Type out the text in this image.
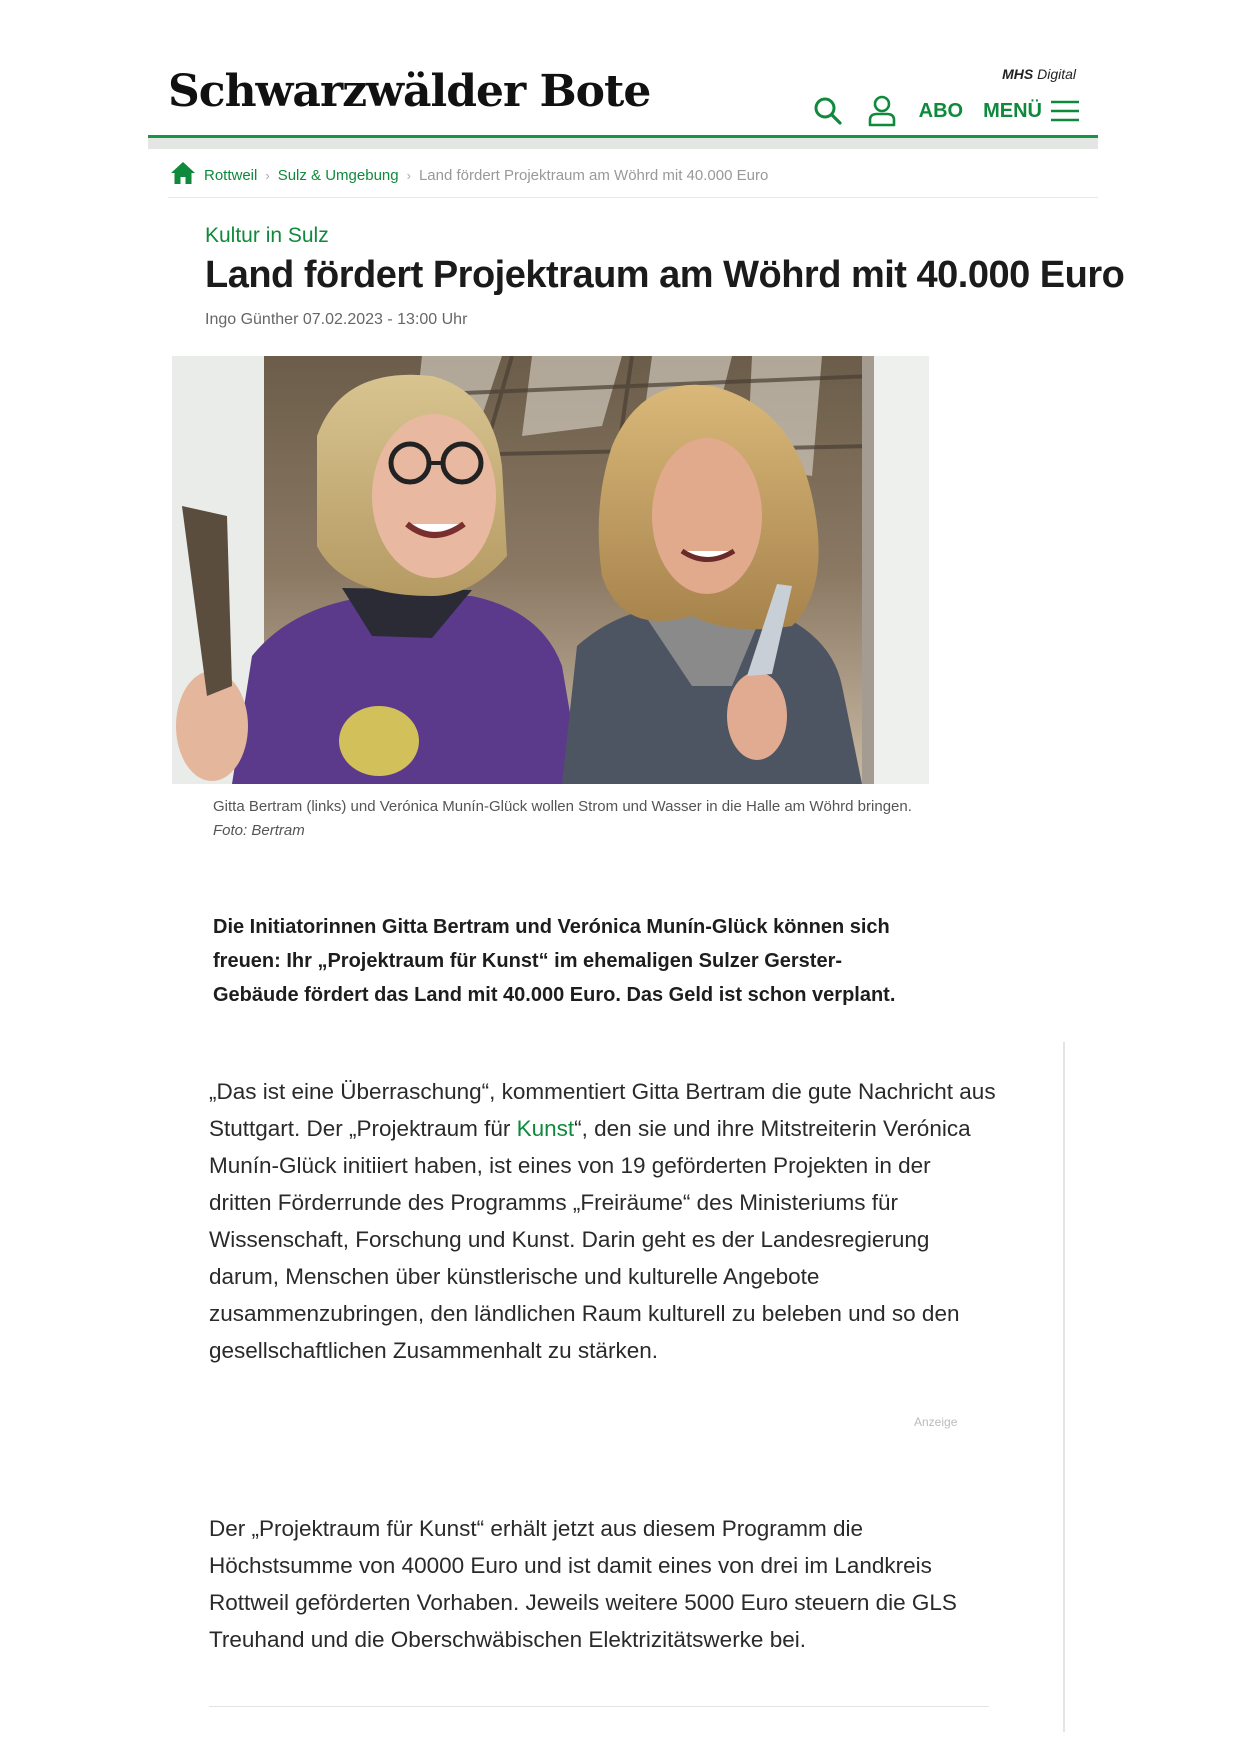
Schwarzwälder Bote	MHS Digital
ABO MENÜ
Rottweil › Sulz & Umgebung › Land fördert Projektraum am Wöhrd mit 40.000 Euro
Kultur in Sulz
Land fördert Projektraum am Wöhrd mit 40.000 Euro
Ingo Günther 07.02.2023 - 13:00 Uhr
Gitta Bertram (links) und Verónica Munín-Glück wollen Strom und Wasser in die Halle am Wöhrd bringen. Foto: Bertram
Die Initiatorinnen Gitta Bertram und Verónica Munín-Glück können sich freuen: Ihr „Projektraum für Kunst“ im ehemaligen Sulzer Gerster-Gebäude fördert das Land mit 40.000 Euro. Das Geld ist schon verplant.
„Das ist eine Überraschung“, kommentiert Gitta Bertram die gute Nachricht aus Stuttgart. Der „Projektraum für Kunst“, den sie und ihre Mitstreiterin Verónica Munín-Glück initiiert haben, ist eines von 19 geförderten Projekten in der dritten Förderrunde des Programms „Freiräume“ des Ministeriums für Wissenschaft, Forschung und Kunst. Darin geht es der Landesregierung darum, Menschen über künstlerische und kulturelle Angebote zusammenzubringen, den ländlichen Raum kulturell zu beleben und so den gesellschaftlichen Zusammenhalt zu stärken.
Anzeige
Der „Projektraum für Kunst“ erhält jetzt aus diesem Programm die Höchstsumme von 40000 Euro und ist damit eines von drei im Landkreis Rottweil geförderten Vorhaben. Jeweils weitere 5000 Euro steuern die GLS Treuhand und die Oberschwäbischen Elektrizitätswerke bei.
